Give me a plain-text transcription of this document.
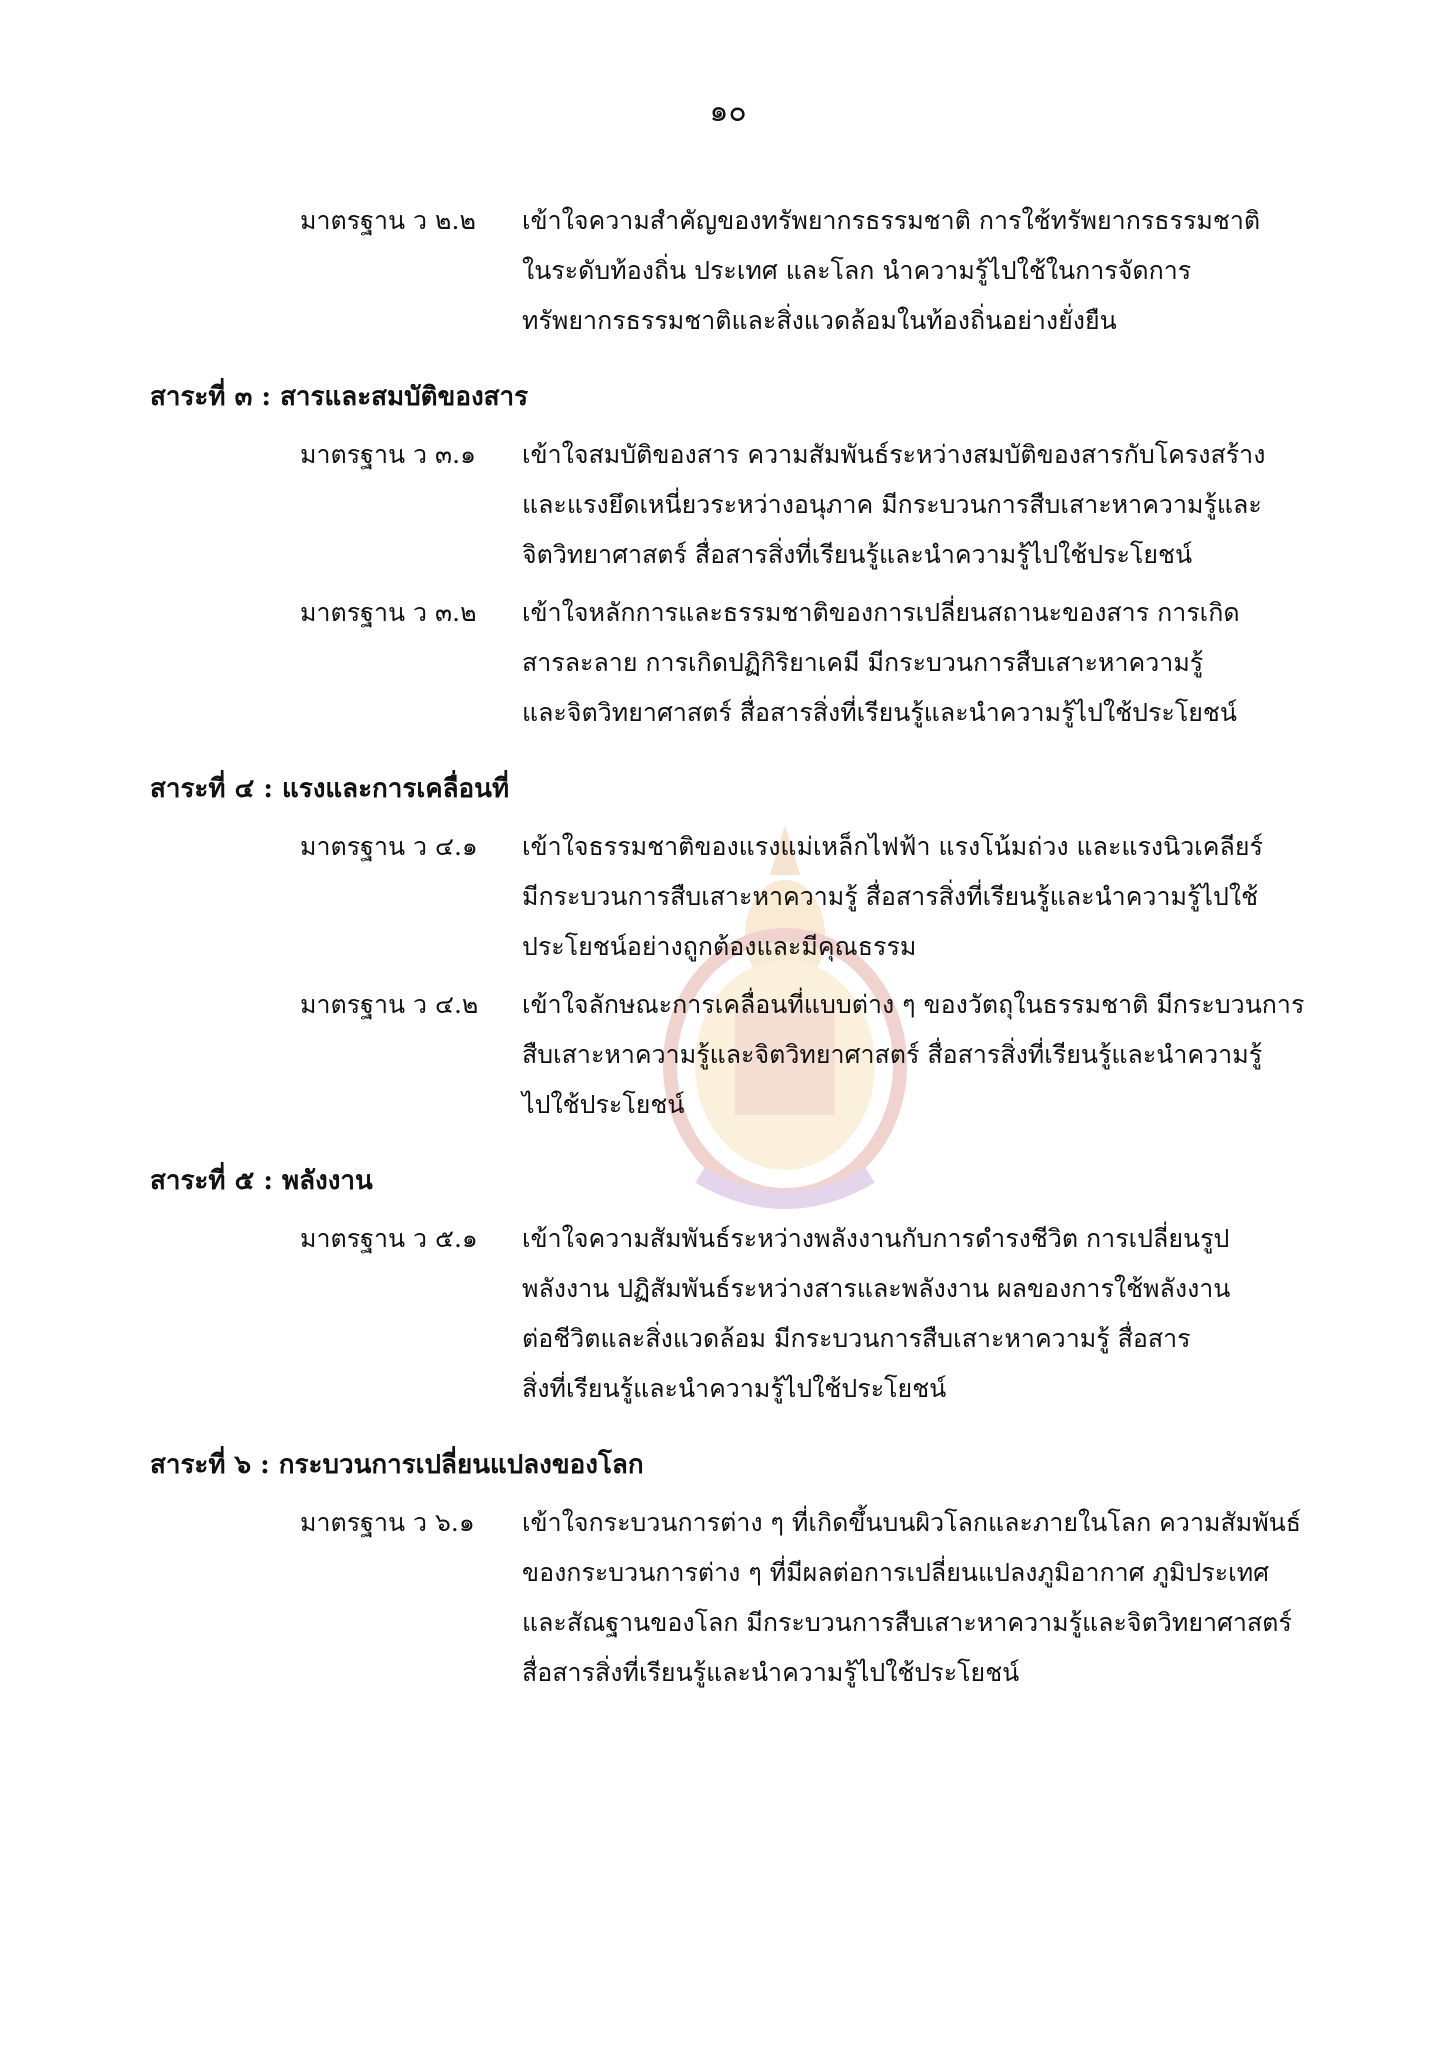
๑๐
มาตรฐาน ว ๒.๒ เข้าใจความสำคัญของทรัพยากรธรรมชาติ การใช้ทรัพยากรธรรมชาติ
ในระดับท้องถิ่น ประเทศ และโลก นำความรู้ไปใช้ในการจัดการ
ทรัพยากรธรรมชาติและสิ่งแวดล้อมในท้องถิ่นอย่างยั่งยืน
สาระที่ ๓ : สารและสมบัติของสาร
มาตรฐาน ว ๓.๑ เข้าใจสมบัติของสาร ความสัมพันธ์ระหว่างสมบัติของสารกับโครงสร้าง
และแรงยึดเหนี่ยวระหว่างอนุภาค มีกระบวนการสืบเสาะหาความรู้และ
จิตวิทยาศาสตร์ สื่อสารสิ่งที่เรียนรู้และนำความรู้ไปใช้ประโยชน์
มาตรฐาน ว ๓.๒ เข้าใจหลักการและธรรมชาติของการเปลี่ยนสถานะของสาร การเกิด
สารละลาย การเกิดปฏิกิริยาเคมี มีกระบวนการสืบเสาะหาความรู้
และจิตวิทยาศาสตร์ สื่อสารสิ่งที่เรียนรู้และนำความรู้ไปใช้ประโยชน์
สาระที่ ๔ : แรงและการเคลื่อนที่
มาตรฐาน ว ๔.๑ เข้าใจธรรมชาติของแรงแม่เหล็กไฟฟ้า แรงโน้มถ่วง และแรงนิวเคลียร์
มีกระบวนการสืบเสาะหาความรู้ สื่อสารสิ่งที่เรียนรู้และนำความรู้ไปใช้
ประโยชน์อย่างถูกต้องและมีคุณธรรม
มาตรฐาน ว ๔.๒ เข้าใจลักษณะการเคลื่อนที่แบบต่าง ๆ ของวัตถุในธรรมชาติ มีกระบวนการ
สืบเสาะหาความรู้และจิตวิทยาศาสตร์ สื่อสารสิ่งที่เรียนรู้และนำความรู้
ไปใช้ประโยชน์
สาระที่ ๕ : พลังงาน
มาตรฐาน ว ๕.๑ เข้าใจความสัมพันธ์ระหว่างพลังงานกับการดำรงชีวิต การเปลี่ยนรูป
พลังงาน ปฏิสัมพันธ์ระหว่างสารและพลังงาน ผลของการใช้พลังงาน
ต่อชีวิตและสิ่งแวดล้อม มีกระบวนการสืบเสาะหาความรู้ สื่อสาร
สิ่งที่เรียนรู้และนำความรู้ไปใช้ประโยชน์
สาระที่ ๖ : กระบวนการเปลี่ยนแปลงของโลก
มาตรฐาน ว ๖.๑ เข้าใจกระบวนการต่าง ๆ ที่เกิดขึ้นบนผิวโลกและภายในโลก ความสัมพันธ์
ของกระบวนการต่าง ๆ ที่มีผลต่อการเปลี่ยนแปลงภูมิอากาศ ภูมิประเทศ
และสัณฐานของโลก มีกระบวนการสืบเสาะหาความรู้และจิตวิทยาศาสตร์
สื่อสารสิ่งที่เรียนรู้และนำความรู้ไปใช้ประโยชน์
